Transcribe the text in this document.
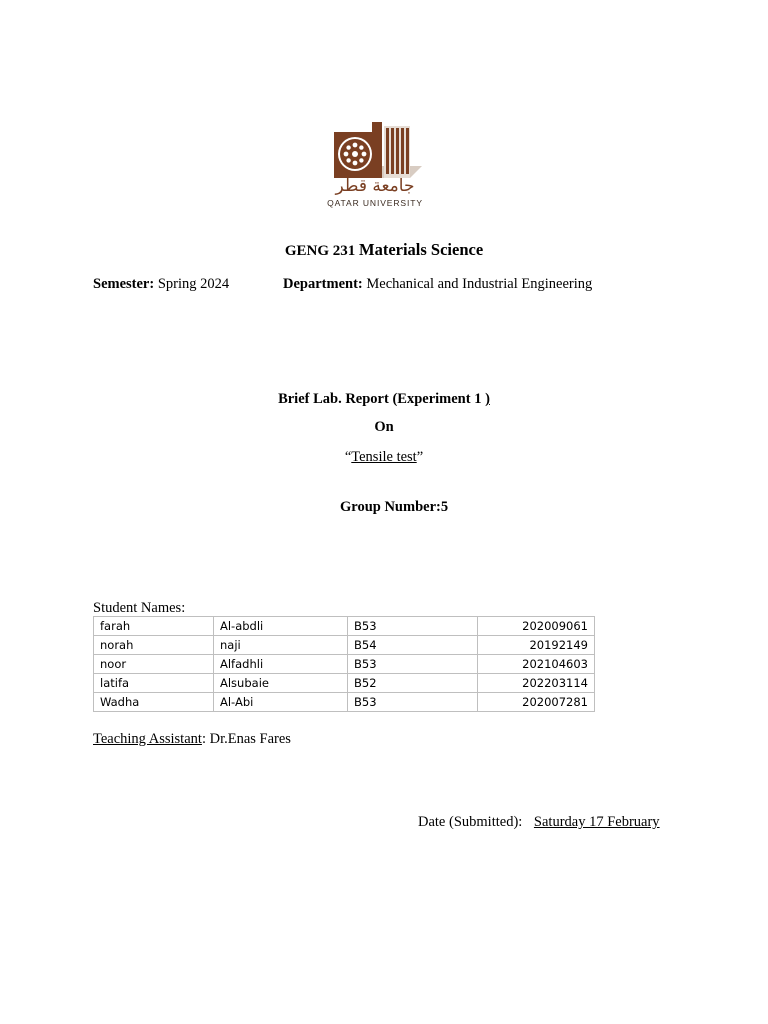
جامعة قطر
QATAR UNIVERSITY
GENG 231 Materials Science
Semester: Spring 2024	Department: Mechanical and Industrial Engineering
Brief Lab. Report (Experiment 1 )
On
“Tensile test”
Group Number:5
Student Names:
farah	Al-abdli	B53	202009061
norah	naji	B54	20192149
noor	Alfadhli	B53	202104603
latifa	Alsubaie	B52	202203114
Wadha	Al-Abi	B53	202007281
Teaching Assistant: Dr.Enas Fares
Date (Submitted): Saturday 17 February
